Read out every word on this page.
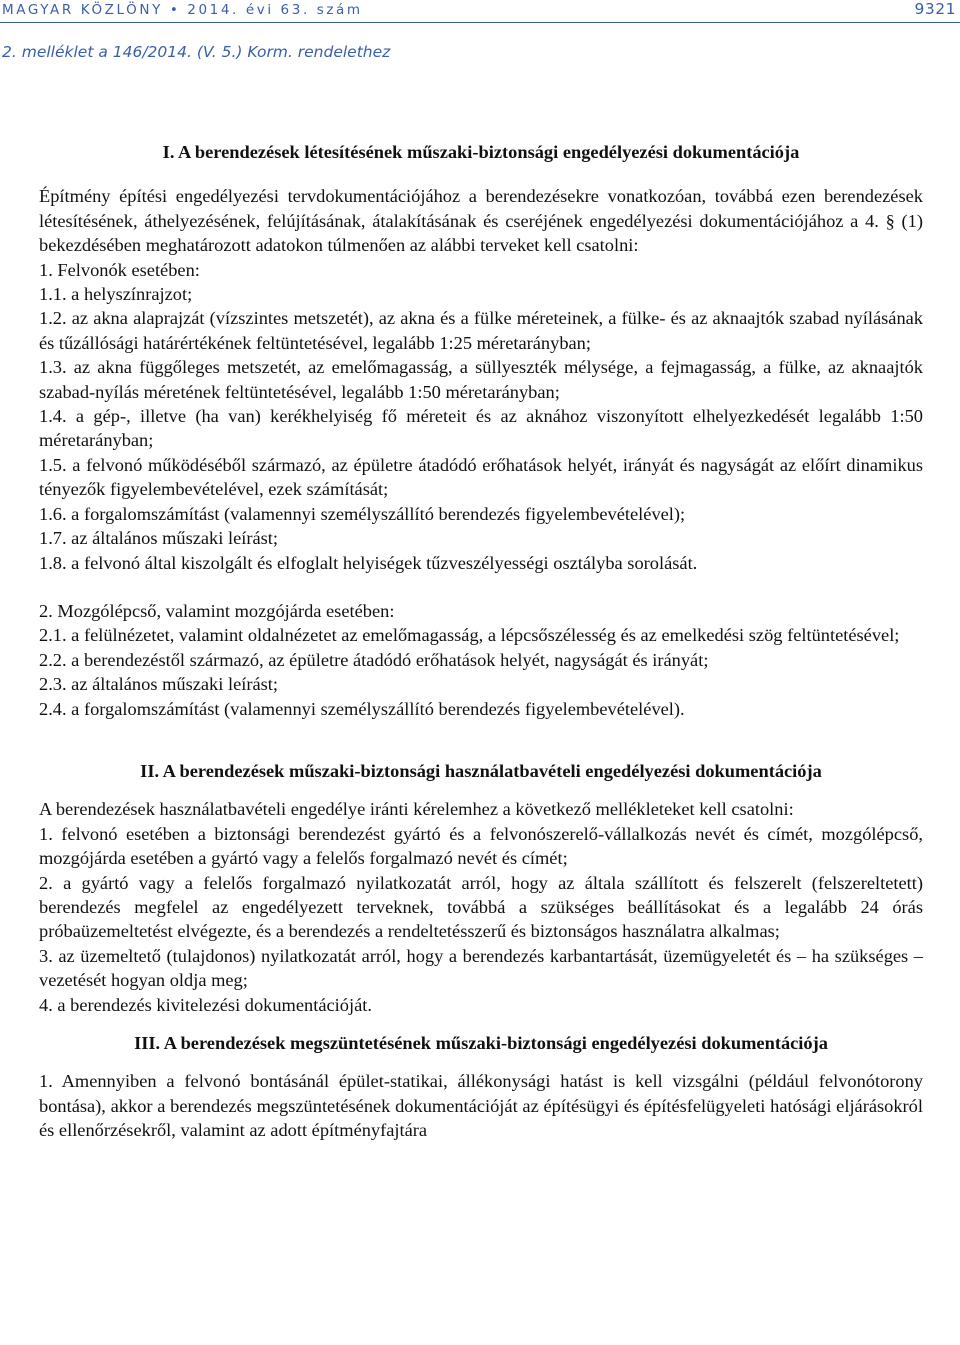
MAGYAR KÖZLÖNY • 2014. évi 63. szám	9321
2. melléklet a 146/2014. (V. 5.) Korm. rendelethez

I. A berendezések létesítésének műszaki-biztonsági engedélyezési dokumentációja

Építmény építési engedélyezési tervdokumentációjához a berendezésekre vonatkozóan, továbbá ezen berendezések létesítésének, áthelyezésének, felújításának, átalakításának és cseréjének engedélyezési dokumentációjához a 4. § (1) bekezdésében meghatározott adatokon túlmenően az alábbi terveket kell csatolni:

1. Felvonók esetében:

1.1. a helyszínrajzot;

1.2. az akna alaprajzát (vízszintes metszetét), az akna és a fülke méreteinek, a fülke- és az aknaajtók szabad nyílásának és tűzállósági határértékének feltüntetésével, legalább 1:25 méretarányban;

1.3. az akna függőleges metszetét, az emelőmagasság, a süllyeszték mélysége, a fejmagasság, a fülke, az aknaajtók szabad-nyílás méretének feltüntetésével, legalább 1:50 méretarányban;

1.4. a gép-, illetve (ha van) kerékhelyiség fő méreteit és az aknához viszonyított elhelyezkedését legalább 1:50 méretarányban;

1.5. a felvonó működéséből származó, az épületre átadódó erőhatások helyét, irányát és nagyságát az előírt dinamikus tényezők figyelembevételével, ezek számítását;

1.6. a forgalomszámítást (valamennyi személyszállító berendezés figyelembevételével);

1.7. az általános műszaki leírást;

1.8. a felvonó által kiszolgált és elfoglalt helyiségek tűzveszélyességi osztályba sorolását.

2. Mozgólépcső, valamint mozgójárda esetében:

2.1. a felülnézetet, valamint oldalnézetet az emelőmagasság, a lépcsőszélesség és az emelkedési szög feltüntetésével;

2.2. a berendezéstől származó, az épületre átadódó erőhatások helyét, nagyságát és irányát;

2.3. az általános műszaki leírást;

2.4. a forgalomszámítást (valamennyi személyszállító berendezés figyelembevételével).

II. A berendezések műszaki-biztonsági használatbavételi engedélyezési dokumentációja

A berendezések használatbavételi engedélye iránti kérelemhez a következő mellékleteket kell csatolni:

1. felvonó esetében a biztonsági berendezést gyártó és a felvonószerelő-vállalkozás nevét és címét, mozgólépcső, mozgójárda esetében a gyártó vagy a felelős forgalmazó nevét és címét;

2. a gyártó vagy a felelős forgalmazó nyilatkozatát arról, hogy az általa szállított és felszerelt (felszereltetett) berendezés megfelel az engedélyezett terveknek, továbbá a szükséges beállításokat és a legalább 24 órás próbaüzemeltetést elvégezte, és a berendezés a rendeltetésszerű és biztonságos használatra alkalmas;

3. az üzemeltető (tulajdonos) nyilatkozatát arról, hogy a berendezés karbantartását, üzemügyeletét és – ha szükséges – vezetését hogyan oldja meg;

4. a berendezés kivitelezési dokumentációját.

III. A berendezések megszüntetésének műszaki-biztonsági engedélyezési dokumentációja

1. Amennyiben a felvonó bontásánál épület-statikai, állékonysági hatást is kell vizsgálni (például felvonótorony bontása), akkor a berendezés megszüntetésének dokumentációját az építésügyi és építésfelügyeleti hatósági eljárásokról és ellenőrzésekről, valamint az adott építményfajtára
